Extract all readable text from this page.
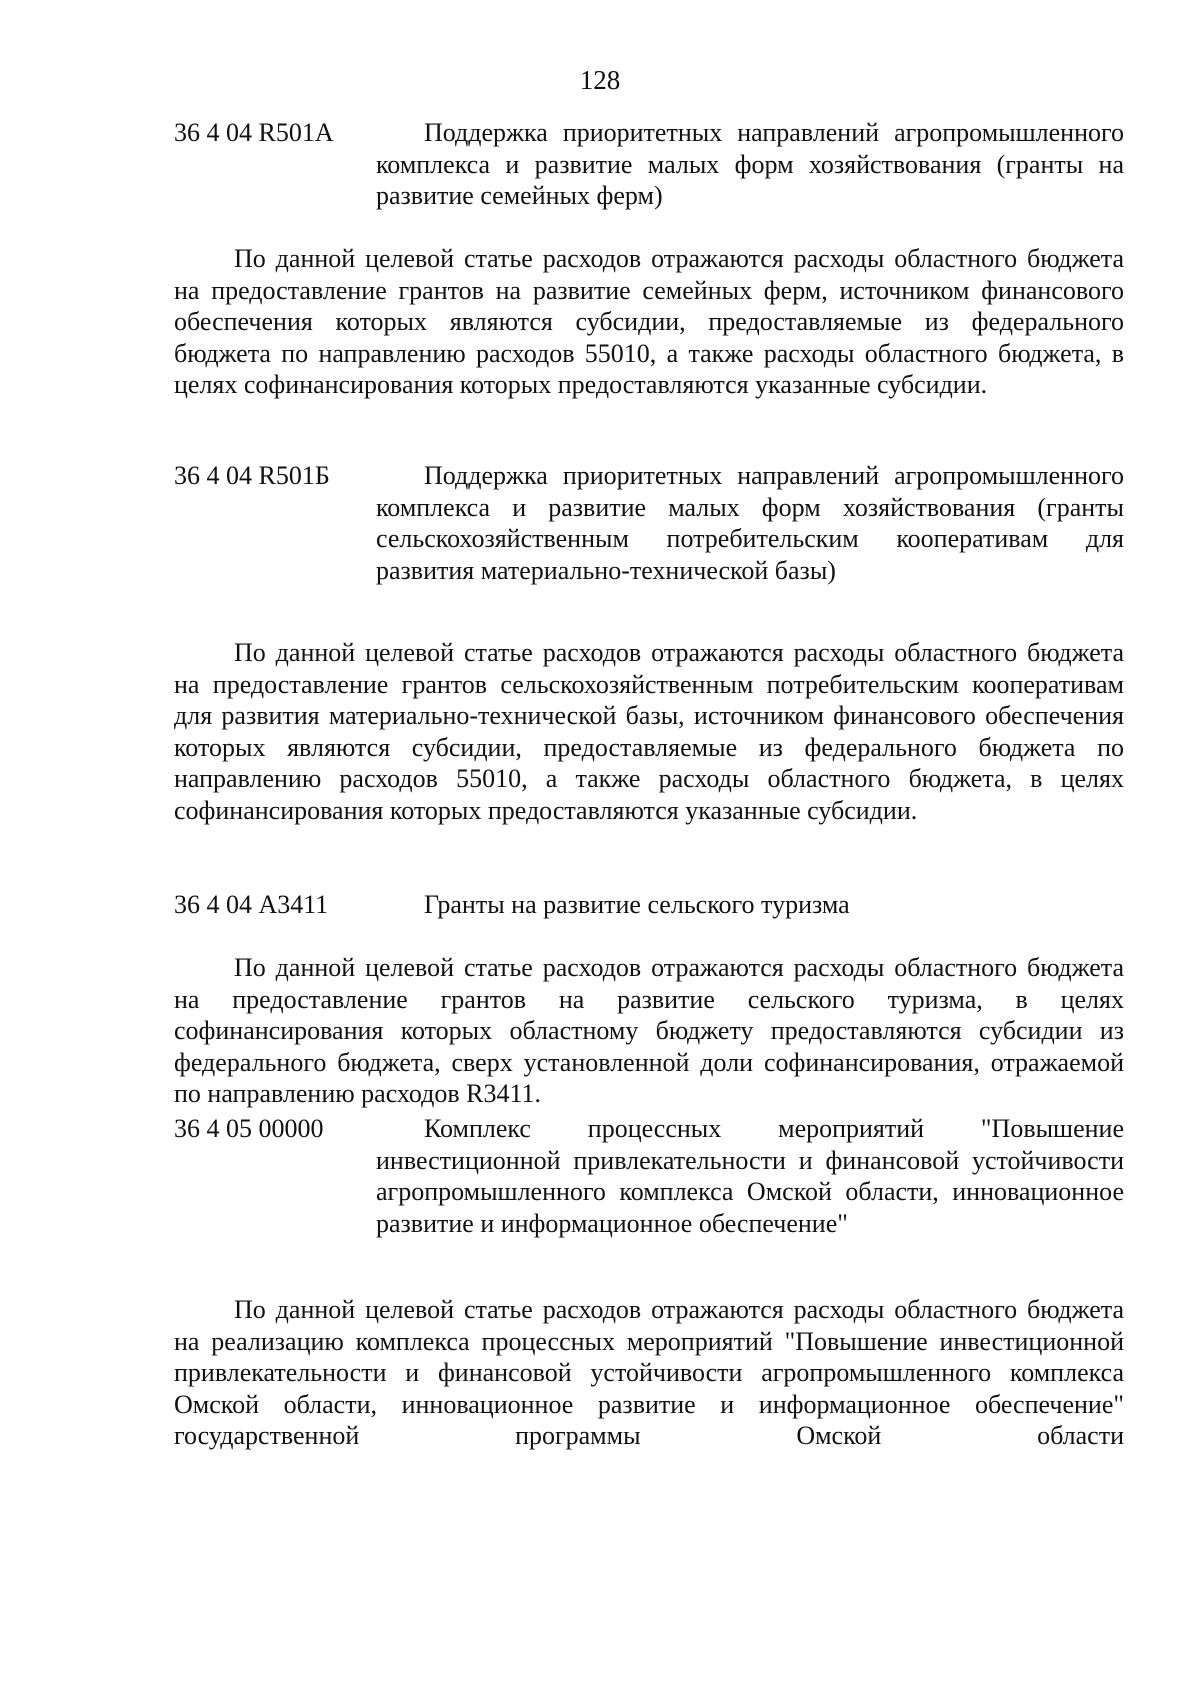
128
36 4 04 R501А	Поддержка приоритетных направлений агропромышленного комплекса и развитие малых форм хозяйствования (гранты на развитие семейных ферм)

По данной целевой статье расходов отражаются расходы областного бюджета на предоставление грантов на развитие семейных ферм, источником финансового обеспечения которых являются субсидии, предоставляемые из федерального бюджета по направлению расходов 55010, а также расходы областного бюджета, в целях софинансирования которых предоставляются указанные субсидии.

36 4 04 R501Б	Поддержка приоритетных направлений агропромышленного комплекса и развитие малых форм хозяйствования (гранты сельскохозяйственным потребительским кооперативам для развития материально-технической базы)

По данной целевой статье расходов отражаются расходы областного бюджета на предоставление грантов сельскохозяйственным потребительским кооперативам для развития материально-технической базы, источником финансового обеспечения которых являются субсидии, предоставляемые из федерального бюджета по направлению расходов 55010, а также расходы областного бюджета, в целях софинансирования которых предоставляются указанные субсидии.

36 4 04 А3411	Гранты на развитие сельского туризма

По данной целевой статье расходов отражаются расходы областного бюджета на предоставление грантов на развитие сельского туризма, в целях софинансирования которых областному бюджету предоставляются субсидии из федерального бюджета, сверх установленной доли софинансирования, отражаемой по направлению расходов R3411.

36 4 05 00000	Комплекс процессных мероприятий "Повышение инвестиционной привлекательности и финансовой устойчивости агропромышленного комплекса Омской области, инновационное развитие и информационное обеспечение"

По данной целевой статье расходов отражаются расходы областного бюджета на реализацию комплекса процессных мероприятий "Повышение инвестиционной привлекательности и финансовой устойчивости агропромышленного комплекса Омской области, инновационное развитие и информационное обеспечение" государственной программы Омской области
